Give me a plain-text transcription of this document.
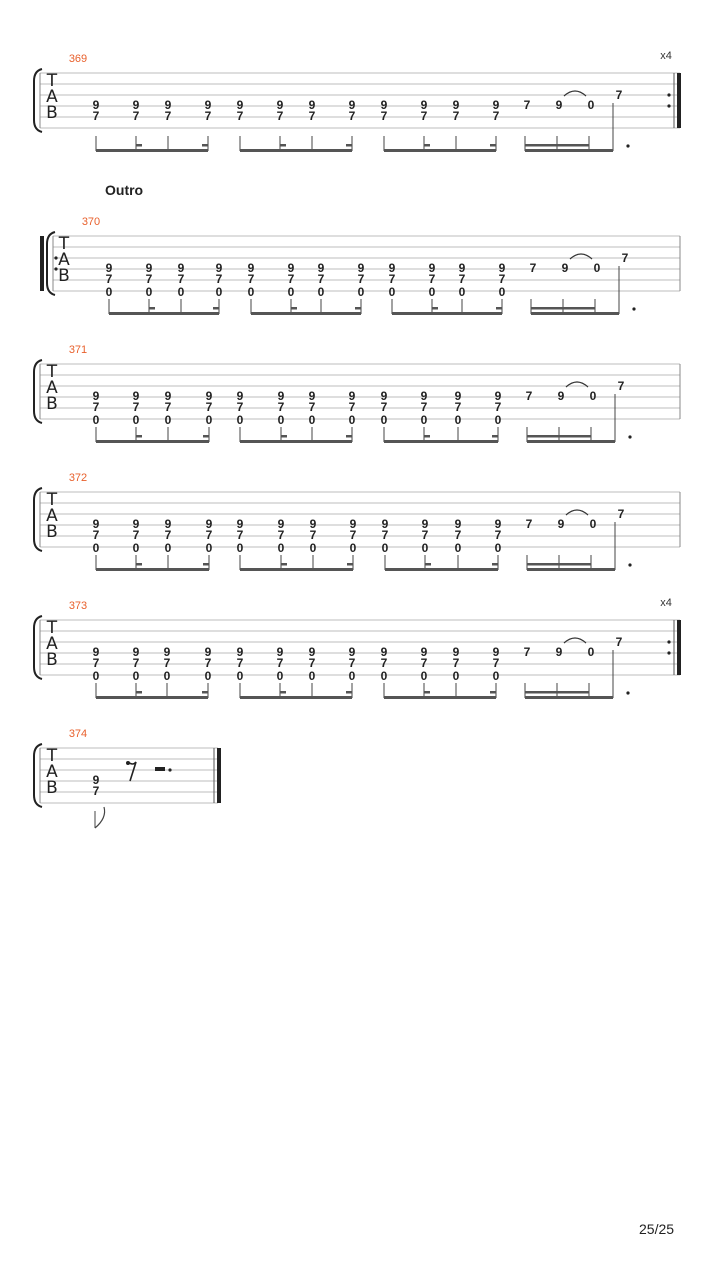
T
A
B
369	x4
9
7
9
7
9
7
9
7
9
7
9
7
9
7
9
7
9
7
9
7
9
7
9
7
7 9 0
7
T
A
B
370
9
7
0
9
7
0
9
7
0
9
7
0
9
7
0
9
7
0
9
7
0
9
7
0
9
7
0
9
7
0
9
7
0
9
7
0
7 9 0
7
T
A
B
371
9
7
0
9
7
0
9
7
0
9
7
0
9
7
0
9
7
0
9
7
0
9
7
0
9
7
0
9
7
0
9
7
0
9
7
0
7 9 0
7
T
A
B
372
9
7
0
9
7
0
9
7
0
9
7
0
9
7
0
9
7
0
9
7
0
9
7
0
9
7
0
9
7
0
9
7
0
9
7
0
7 9 0
7
T
A
B
373	x4
9
7
0
9
7
0
9
7
0
9
7
0
9
7
0
9
7
0
9
7
0
9
7
0
9
7
0
9
7
0
9
7
0
9
7
0
7 9 0
7
T
A
B
374
9
7
Outro
25/25
